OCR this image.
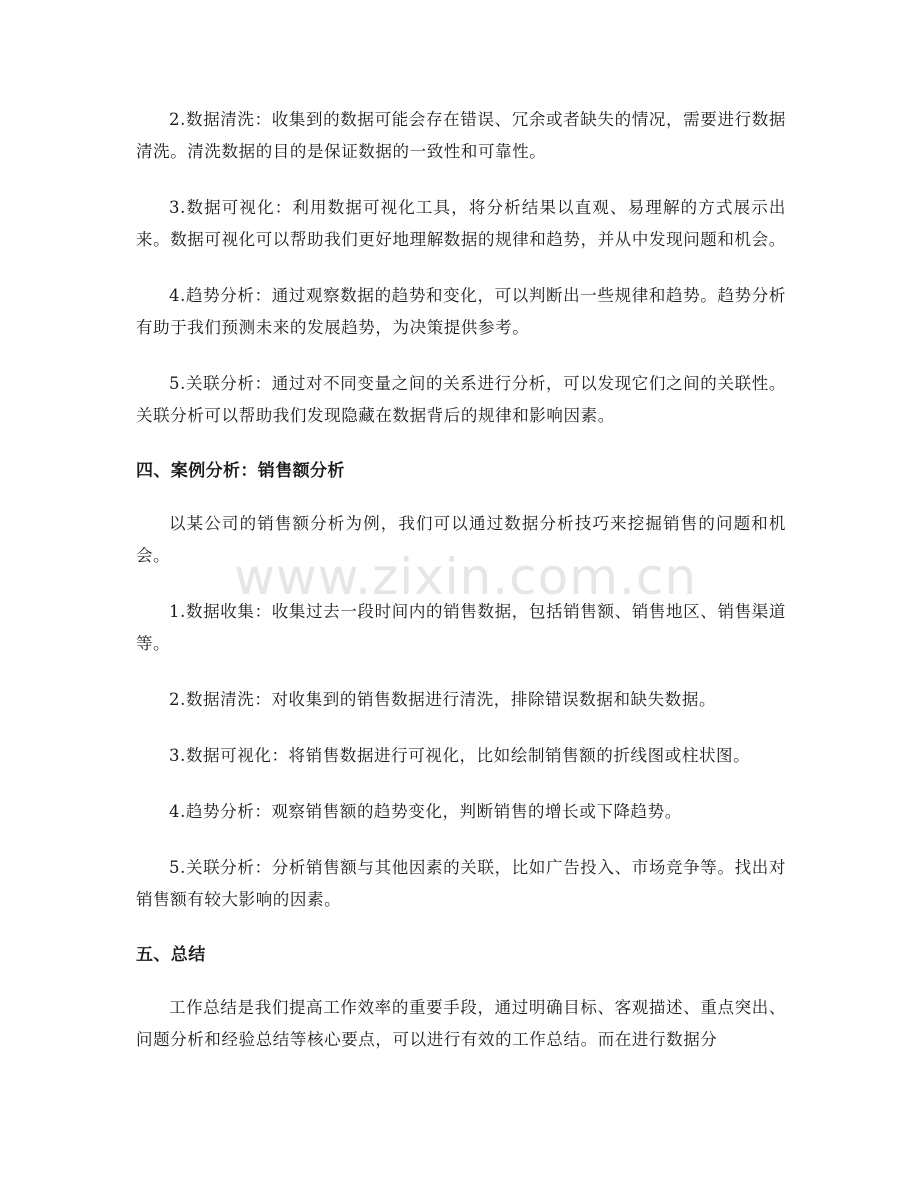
www.zixin.com.cn

2.数据清洗：收集到的数据可能会存在错误、冗余或者缺失的情况，需要进行数据清洗。清洗数据的目的是保证数据的一致性和可靠性。

3.数据可视化：利用数据可视化工具，将分析结果以直观、易理解的方式展示出来。数据可视化可以帮助我们更好地理解数据的规律和趋势，并从中发现问题和机会。

4.趋势分析：通过观察数据的趋势和变化，可以判断出一些规律和趋势。趋势分析有助于我们预测未来的发展趋势，为决策提供参考。

5.关联分析：通过对不同变量之间的关系进行分析，可以发现它们之间的关联性。关联分析可以帮助我们发现隐藏在数据背后的规律和影响因素。

四、案例分析：销售额分析

以某公司的销售额分析为例，我们可以通过数据分析技巧来挖掘销售的问题和机会。

1.数据收集：收集过去一段时间内的销售数据，包括销售额、销售地区、销售渠道等。

2.数据清洗：对收集到的销售数据进行清洗，排除错误数据和缺失数据。

3.数据可视化：将销售数据进行可视化，比如绘制销售额的折线图或柱状图。

4.趋势分析：观察销售额的趋势变化，判断销售的增长或下降趋势。

5.关联分析：分析销售额与其他因素的关联，比如广告投入、市场竞争等。找出对销售额有较大影响的因素。

五、总结

工作总结是我们提高工作效率的重要手段，通过明确目标、客观描述、重点突出、问题分析和经验总结等核心要点，可以进行有效的工作总结。而在进行数据分
